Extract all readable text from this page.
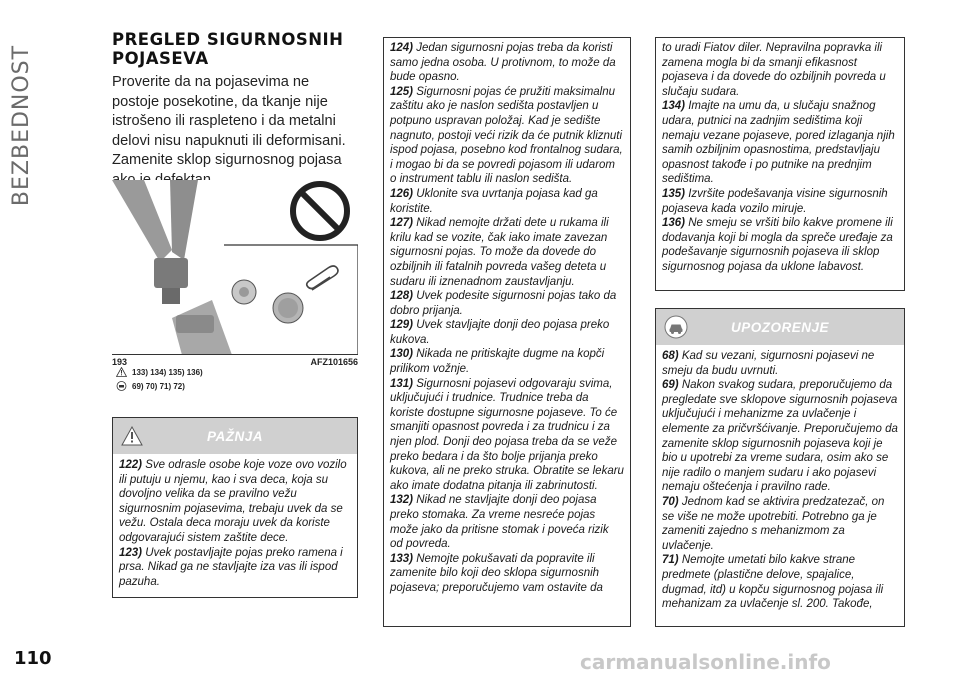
BEZBEDNOST
PREGLED SIGURNOSNIH
POJASEVA

Proverite da na pojasevima ne postoje posekotine, da tkanje nije istrošeno ili raspleteno i da metalni delovi nisu napuknuti ili deformisani. Zamenite sklop sigurnosnog pojasa

193	AFZ101656
133) 134) 135) 136)
69) 70) 71) 72)
PAŽNJA

122) Sve odrasle osobe koje voze ovo vozilo ili putuju u njemu, kao i sva deca, koja su dovoljno velika da se pravilno vežu sigurnosnim pojasevima, trebaju uvek da se vežu. Ostala deca moraju uvek da koriste odgovarajući sistem zaštite dece.

123) Uvek postavljajte pojas preko ramena i prsa. Nikad ga ne stavljajte iza vas ili ispod pazuha.

124) Jedan sigurnosni pojas treba da koristi samo jedna osoba. U protivnom, to može da bude opasno.

125) Sigurnosni pojas će pružiti maksimalnu zaštitu ako je naslon sedišta postavljen u potpuno uspravan položaj. Kad je sedište nagnuto, postoji veći rizik da će putnik kliznuti ispod pojasa, posebno kod frontalnog sudara, i mogao bi da se povredi pojasom ili udarom o instrument tablu ili naslon sedišta.

126) Uklonite sva uvrtanja pojasa kad ga koristite.

127) Nikad nemojte držati dete u rukama ili krilu kad se vozite, čak iako imate zavezan sigurnosni pojas. To može da dovede do ozbiljnih ili fatalnih povreda vašeg deteta u sudaru ili iznenadnom zaustavljanju.

128) Uvek podesite sigurnosni pojas tako da dobro prijanja.

129) Uvek stavljajte donji deo pojasa preko kukova.

130) Nikada ne pritiskajte dugme na kopči prilikom vožnje.

131) Sigurnosni pojasevi odgovaraju svima, uključujući i trudnice. Trudnice treba da koriste dostupne sigurnosne pojaseve. To će smanjiti opasnost povreda i za trudnicu i za njen plod. Donji deo pojasa treba da se veže preko bedara i da što bolje prijanja preko kukova, ali ne preko struka. Obratite se lekaru ako imate dodatna pitanja ili zabrinutosti.

132) Nikad ne stavljajte donji deo pojasa preko stomaka. Za vreme nesreće pojas može jako da pritisne stomak i poveća rizik od povreda.

133) Nemojte pokušavati da popravite ili zamenite bilo koji deo sklopa sigurnosnih pojaseva; preporučujemo vam ostavite da

to uradi Fiatov diler. Nepravilna popravka ili zamena mogla bi da smanji efikasnost pojaseva i da dovede do ozbiljnih povreda u slučaju sudara.

134) Imajte na umu da, u slučaju snažnog udara, putnici na zadnjim sedištima koji nemaju vezane pojaseve, pored izlaganja njih samih ozbiljnim opasnostima, predstavljaju opasnost takođe i po putnike na prednjim sedištima.

135) Izvršite podešavanja visine sigurnosnih pojaseva kada vozilo miruje.

136) Ne smeju se vršiti bilo kakve promene ili dodavanja koji bi mogla da spreče uređaje za podešavanje sigurnosnih pojaseva ili sklop sigurnosnog pojasa da uklone labavost.

UPOZORENJE

68) Kad su vezani, sigurnosni pojasevi ne smeju da budu uvrnuti.

69) Nakon svakog sudara, preporučujemo da pregledate sve sklopove sigurnosnih pojaseva uključujući i mehanizme za uvlačenje i elemente za pričvršćivanje. Preporučujemo da zamenite sklop sigurnosnih pojaseva koji je bio u upotrebi za vreme sudara, osim ako se nije radilo o manjem sudaru i ako pojasevi nemaju oštećenja i pravilno rade.

70) Jednom kad se aktivira predzatezač, on se više ne može upotrebiti. Potrebno ga je zameniti zajedno s mehanizmom za uvlačenje.

71) Nemojte umetati bilo kakve strane predmete (plastične delove, spajalice, dugmad, itd) u kopču sigurnosnog pojasa ili mehanizam za uvlačenje sl. 200. Takođe,

110	carmanualsonline.info
